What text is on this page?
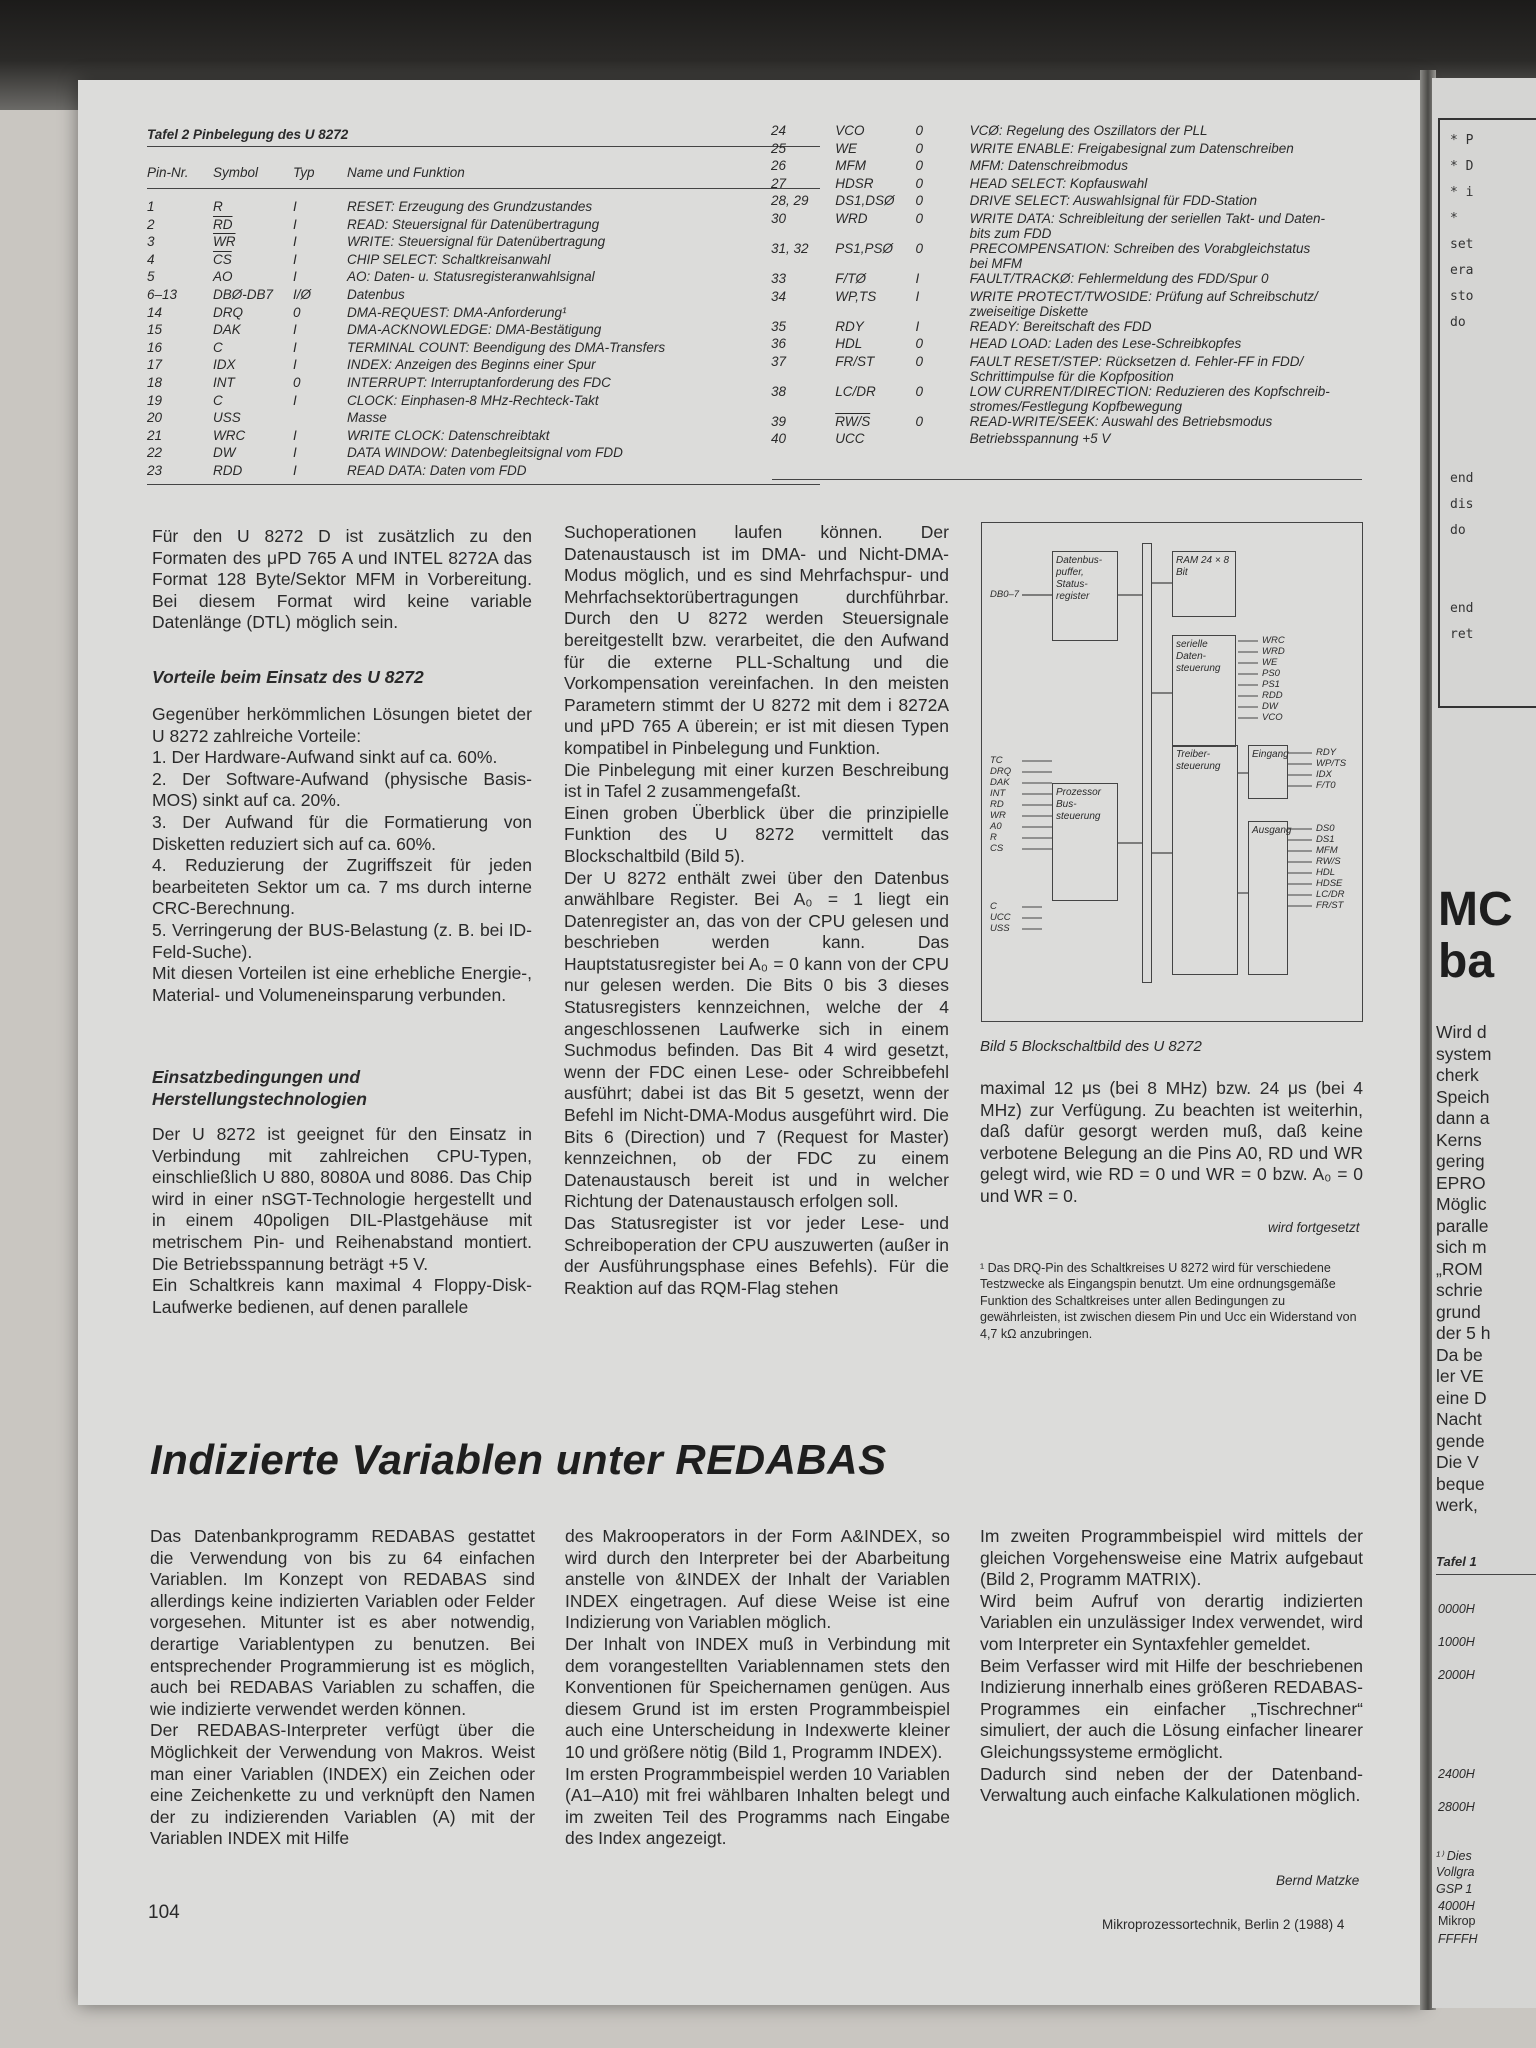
Tafel 2 Pinbelegung des U 8272
Pin-Nr. Symbol	Typ Name und Funktion
1	R	I	RESET: Erzeugung des Grundzustandes
2	$\overline{RD}$	I	READ: Steuersignal für Datenübertragung
3	$\overline{WR}$	I	WRITE: Steuersignal für Datenübertragung
4	$\overline{CS}$	I	CHIP SELECT: Schaltkreisanwahl
5	AO	I	AO: Daten- u. Statusregisteranwahlsignal
6–13	DBØ-DB7	I/Ø	Datenbus
14	DRQ	0	DMA-REQUEST: DMA-Anforderung¹
15	DAK	I	DMA-ACKNOWLEDGE: DMA-Bestätigung
16	C	I	TERMINAL COUNT: Beendigung des DMA-Transfers
17	IDX	I	INDEX: Anzeigen des Beginns einer Spur
18	INT	0	INTERRUPT: Interruptanforderung des FDC
19	C	I	CLOCK: Einphasen-8 MHz-Rechteck-Takt
20	USS		Masse
21	WRC	I	WRITE CLOCK: Datenschreibtakt
22	DW	I	DATA WINDOW: Datenbegleitsignal vom FDD
23	RDD	I	READ DATA: Daten vom FDD
24	VCO	0	VCØ: Regelung des Oszillators der PLL

25	WE	0	WRITE ENABLE: Freigabesignal zum Datenschreiben

26	MFM	0	MFM: Datenschreibmodus

27	HDSR	0	HEAD SELECT: Kopfauswahl

28, 29	DS1,DSØ	0	DRIVE SELECT: Auswahlsignal für FDD-Station

30	WRD	0	WRITE DATA: Schreibleitung der seriellen Takt- und Daten-
bits zum FDD

31, 32	PS1,PSØ	0	PRECOMPENSATION: Schreiben des Vorabgleichstatus
bei MFM

33	F/TØ	I	FAULT/TRACKØ: Fehlermeldung des FDD/Spur 0

34	WP,TS	I	WRITE PROTECT/TWOSIDE: Prüfung auf Schreibschutz/
zweiseitige Diskette

35	RDY	I	READY: Bereitschaft des FDD

36	HDL	0	HEAD LOAD: Laden des Lese-Schreibkopfes

37	FR/ST	0	FAULT RESET/STEP: Rücksetzen d. Fehler-FF in FDD/
Schrittimpulse für die Kopfposition

38	LC/DR	0	LOW CURRENT/DIRECTION: Reduzieren des Kopfschreib-
stromes/Festlegung Kopfbewegung

39	RW/S	0	READ-WRITE/SEEK: Auswahl des Betriebsmodus

40	UCC		Betriebsspannung +5 V
Für den U 8272 D ist zusätzlich zu den Formaten des μPD 765 A und INTEL 8272A das Format 128 Byte/Sektor MFM in Vorbereitung. Bei diesem Format wird keine variable Datenlänge (DTL) möglich sein.
Vorteile beim Einsatz des U 8272

Gegenüber herkömmlichen Lösungen bietet der U 8272 zahlreiche Vorteile:

1. Der Hardware-Aufwand sinkt auf ca. 60%.

2. Der Software-Aufwand (physische Basis-MOS) sinkt auf ca. 20%.

3. Der Aufwand für die Formatierung von Disketten reduziert sich auf ca. 60%.

4. Reduzierung der Zugriffszeit für jeden bearbeiteten Sektor um ca. 7 ms durch interne CRC-Berechnung.

5. Verringerung der BUS-Belastung (z. B. bei ID-Feld-Suche).

Mit diesen Vorteilen ist eine erhebliche Energie-, Material- und Volumeneinsparung verbunden.

Einsatzbedingungen und Herstellungstechnologien

Der U 8272 ist geeignet für den Einsatz in Verbindung mit zahlreichen CPU-Typen, einschließlich U 880, 8080A und 8086. Das Chip wird in einer nSGT-Technologie hergestellt und in einem 40poligen DIL-Plastgehäuse mit metrischem Pin- und Reihenabstand montiert. Die Betriebsspannung beträgt +5 V.

Ein Schaltkreis kann maximal 4 Floppy-Disk-Laufwerke bedienen, auf denen parallele

Suchoperationen laufen können. Der Datenaustausch ist im DMA- und Nicht-DMA-Modus möglich, und es sind Mehrfachspur- und Mehrfachsektorübertragungen durchführbar. Durch den U 8272 werden Steuersignale bereitgestellt bzw. verarbeitet, die den Aufwand für die externe PLL-Schaltung und die Vorkompensation vereinfachen. In den meisten Parametern stimmt der U 8272 mit dem i 8272A und μPD 765 A überein; er ist mit diesen Typen kompatibel in Pinbelegung und Funktion.

Die Pinbelegung mit einer kurzen Beschreibung ist in Tafel 2 zusammengefaßt.

Einen groben Überblick über die prinzipielle Funktion des U 8272 vermittelt das Blockschaltbild (Bild 5).

Der U 8272 enthält zwei über den Datenbus anwählbare Register. Bei A₀ = 1 liegt ein Datenregister an, das von der CPU gelesen und beschrieben werden kann. Das Hauptstatusregister bei A₀ = 0 kann von der CPU nur gelesen werden. Die Bits 0 bis 3 dieses Statusregisters kennzeichnen, welche der 4 angeschlossenen Laufwerke sich in einem Suchmodus befinden. Das Bit 4 wird gesetzt, wenn der FDC einen Lese- oder Schreibbefehl ausführt; dabei ist das Bit 5 gesetzt, wenn der Befehl im Nicht-DMA-Modus ausgeführt wird. Die Bits 6 (Direction) und 7 (Request for Master) kennzeichnen, ob der FDC zu einem Datenaustausch bereit ist und in welcher Richtung der Datenaustausch erfolgen soll.

Das Statusregister ist vor jeder Lese- und Schreiboperation der CPU auszuwerten (außer in der Ausführungsphase eines Befehls). Für die Reaktion auf das RQM-Flag stehen

Datenbus-puffer, Status-register
RAM 24 × 8 Bit
serielle Daten-steuerung
Prozessor Bus-steuerung
Treiber-steuerung
Eingang
Ausgang
DB0–7
TC
DRQ
DAK
INT
RD
WR
A0
R
CS
C
UCC
USS
WRC
WRD
WE
PS0
PS1
RDD
DW
VCO
RDY
WP/TS
IDX
F/T0
DS0
DS1
MFM
RW/S
HDL
HDSE
LC/DR
FR/ST
Bild 5 Blockschaltbild des U 8272
maximal 12 μs (bei 8 MHz) bzw. 24 μs (bei 4 MHz) zur Verfügung. Zu beachten ist weiterhin, daß dafür gesorgt werden muß, daß keine verbotene Belegung an die Pins A0, RD und WR gelegt wird, wie RD = 0 und WR = 0 bzw. A₀ = 0 und WR = 0.
wird fortgesetzt
¹ Das DRQ-Pin des Schaltkreises U 8272 wird für verschiedene Testzwecke als Eingangspin benutzt. Um eine ordnungsgemäße Funktion des Schaltkreises unter allen Bedingungen zu gewährleisten, ist zwischen diesem Pin und Ucc ein Widerstand von 4,7 kΩ anzubringen.
Indizierte Variablen unter REDABAS

Das Datenbankprogramm REDABAS gestattet die Verwendung von bis zu 64 einfachen Variablen. Im Konzept von REDABAS sind allerdings keine indizierten Variablen oder Felder vorgesehen. Mitunter ist es aber notwendig, derartige Variablentypen zu benutzen. Bei entsprechender Programmierung ist es möglich, auch bei REDABAS Variablen zu schaffen, die wie indizierte verwendet werden können.

Der REDABAS-Interpreter verfügt über die Möglichkeit der Verwendung von Makros. Weist man einer Variablen (INDEX) ein Zeichen oder eine Zeichenkette zu und verknüpft den Namen der zu indizierenden Variablen (A) mit der Variablen INDEX mit Hilfe

des Makrooperators in der Form A&INDEX, so wird durch den Interpreter bei der Abarbeitung anstelle von &INDEX der Inhalt der Variablen INDEX eingetragen. Auf diese Weise ist eine Indizierung von Variablen möglich.

Der Inhalt von INDEX muß in Verbindung mit dem vorangestellten Variablennamen stets den Konventionen für Speichernamen genügen. Aus diesem Grund ist im ersten Programmbeispiel auch eine Unterscheidung in Indexwerte kleiner 10 und größere nötig (Bild 1, Programm INDEX).

Im ersten Programmbeispiel werden 10 Variablen (A1–A10) mit frei wählbaren Inhalten belegt und im zweiten Teil des Programms nach Eingabe des Index angezeigt.

Im zweiten Programmbeispiel wird mittels der gleichen Vorgehensweise eine Matrix aufgebaut (Bild 2, Programm MATRIX).

Wird beim Aufruf von derartig indizierten Variablen ein unzulässiger Index verwendet, wird vom Interpreter ein Syntaxfehler gemeldet.

Beim Verfasser wird mit Hilfe der beschriebenen Indizierung innerhalb eines größeren REDABAS-Programmes ein einfacher „Tischrechner“ simuliert, der auch die Lösung einfacher linearer Gleichungssysteme ermöglicht.

Dadurch sind neben der der Datenband-Verwaltung auch einfache Kalkulationen möglich.

Bernd Matzke
104
Mikroprozessortechnik, Berlin 2 (1988) 4
* P
* D
* i
*
set
era
sto
do
end
dis
do
end
ret
MC
ba
Wird d
system
cherk
Speich
dann a
Kerns
gering
EPRO
Möglic
paralle
sich m
„ROM
schrie
grund
der 5 h
Da be
ler VE
eine D
Nacht
gende
Die V
beque
werk,
Tafel 1
0000H
1000H
2000H
2400H
2800H
4000H
FFFFH
¹⁾ Dies
Vollgra
GSP 1
Mikrop
